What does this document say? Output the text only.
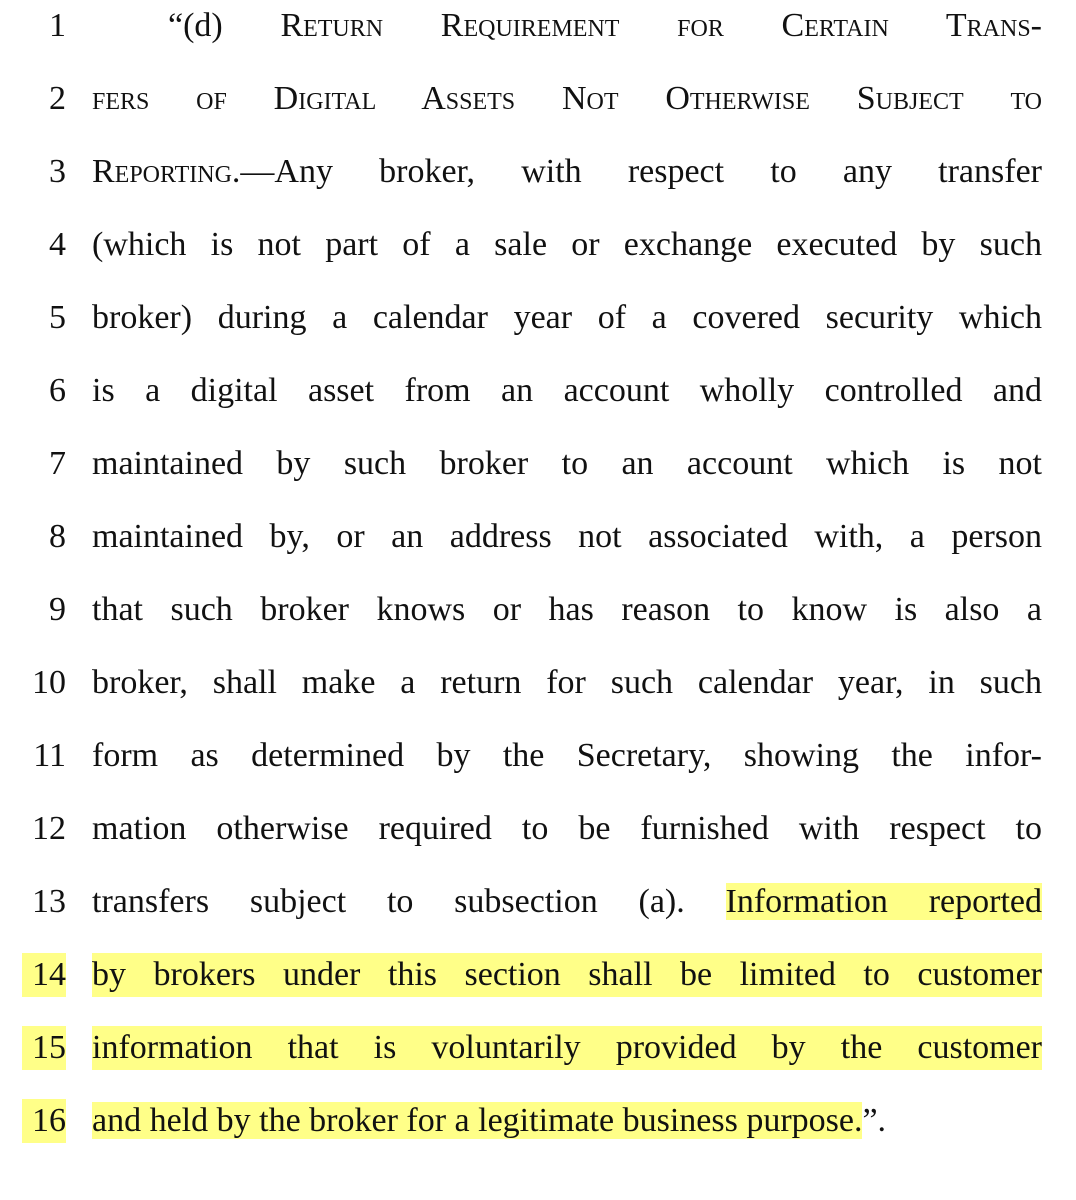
1	“(d) Return Requirement for Certain Trans-
2 fers of Digital Assets Not Otherwise Subject to
3 Reporting.—Any broker, with respect to any transfer
4 (which is not part of a sale or exchange executed by such
5 broker) during a calendar year of a covered security which
6 is a digital asset from an account wholly controlled and
7 maintained by such broker to an account which is not
8 maintained by, or an address not associated with, a person
9 that such broker knows or has reason to know is also a
10 broker, shall make a return for such calendar year, in such
11 form as determined by the Secretary, showing the infor-
12 mation otherwise required to be furnished with respect to
13 transfers subject to subsection (a). Information reported
14 by brokers under this section shall be limited to customer
15 information that is voluntarily provided by the customer
16 and held by the broker for a legitimate business purpose.”.
